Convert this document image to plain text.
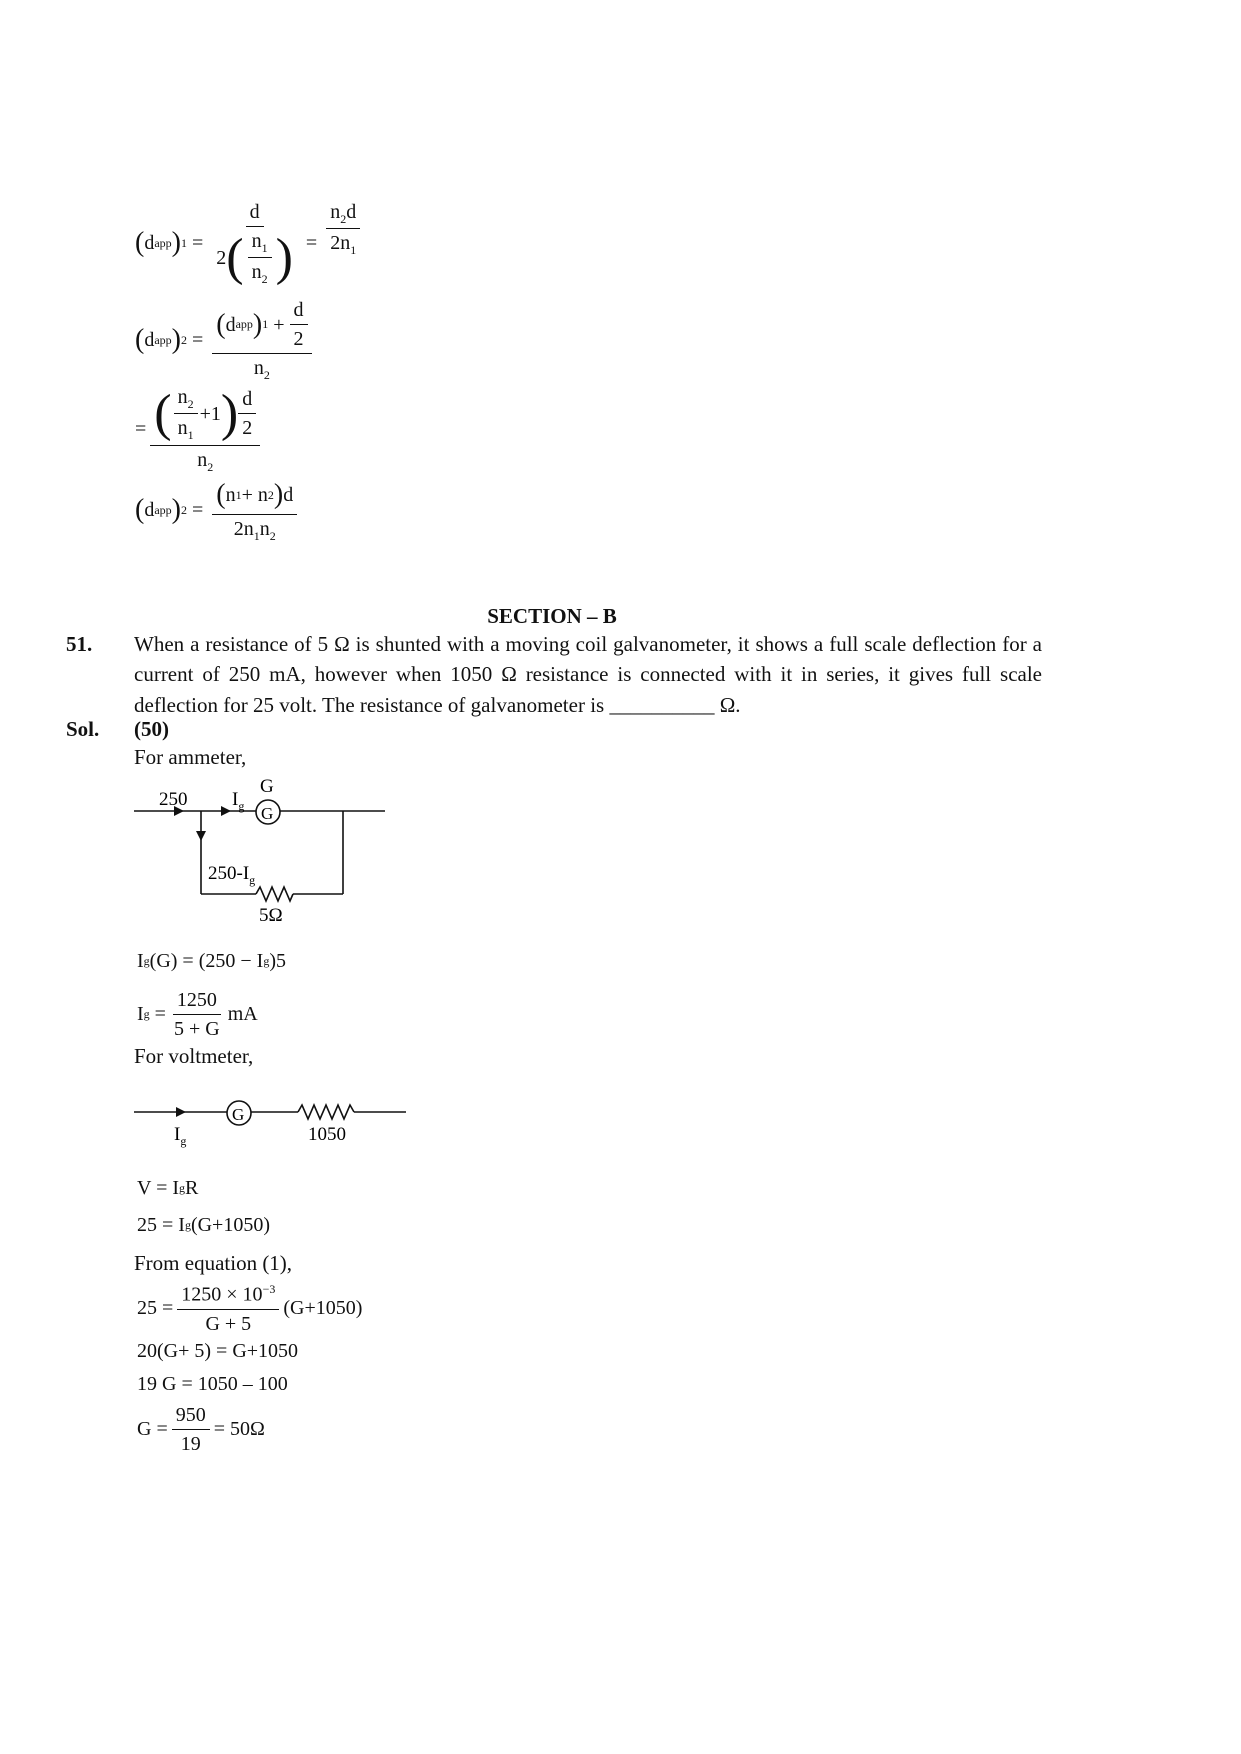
( d app ) $1 = \frac{d}{2 ( \frac{n_1}{n_2} )} = \frac{n_2d}{2n_1}$
( d app ) 2 = ( d app ) 1
+
$\frac{d}{2}$
$n_2$
= ( $\frac{n_2}{n_1} +1$ ) $\frac{d}{2}$
$n_2$
( d app ) $2 = \frac{( n 1 + n 2 ) d}{2n_1n_2}$
SECTION – B
51. When a resistance of 5 Ω is shunted with a moving coil galvanometer, it shows a full scale deflection for a current of 250 mA, however when 1050 Ω resistance is connected with it in series, it gives full scale deflection for 25 volt. The resistance of galvanometer is __________ Ω.
Sol. (50)
For ammeter,
250 $I_g$
G
G
$250-I_g$
5Ω
I g (G) = (250 − I g )5
I g
= $\frac{1250}{5 + G}$ mA
For voltmeter,
G
$I_g$	1050
V = I g R
25 = I g (G+1050)
From equation (1),
$25 = \frac{1250 \times 10^{-3}}{G + 5} (G+1050)$
20(G+ 5) = G+1050
19 G = 1050 – 100
$G = \frac{950}{19} = 50\Omega$
